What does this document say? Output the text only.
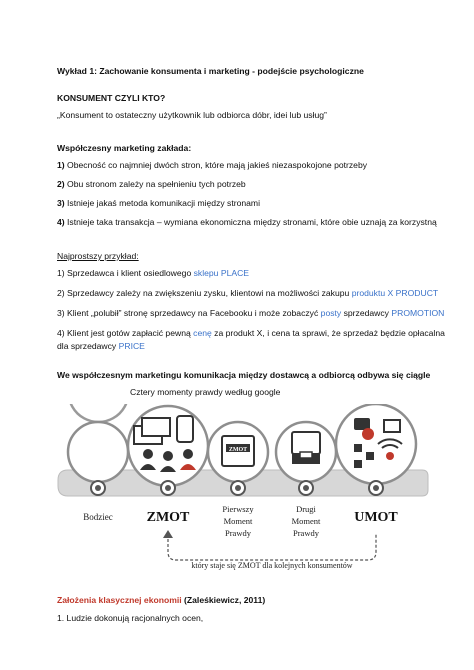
Wykład 1: Zachowanie konsumenta i marketing - podejście psychologiczne
KONSUMENT CZYLI KTO?
„Konsument to ostateczny użytkownik lub odbiorca dóbr, idei lub usług”
Współczesny marketing zakłada:
1) Obecność co najmniej dwóch stron, które mają jakieś niezaspokojone potrzeby
2) Obu stronom zależy na spełnieniu tych potrzeb
3) Istnieje jakaś metoda komunikacji między stronami
4) Istnieje taka transakcja – wymiana ekonomiczna między stronami, które obie uznają za korzystną
Najprostszy przykład:
1) Sprzedawca i klient osiedlowego sklepu PLACE
2) Sprzedawcy zależy na zwiększeniu zysku, klientowi na możliwości zakupu produktu X PRODUCT
3) Klient „polubił” stronę sprzedawcy na Facebooku i może zobaczyć posty sprzedawcy PROMOTION
4) Klient jest gotów zapłacić pewną cenę za produkt X, i cena ta sprawi, że sprzedaż będzie opłacalna
dla sprzedawcy PRICE
We współczesnym marketingu komunikacja między dostawcą a odbiorcą odbywa się ciągle
Cztery momenty prawdy według google
ZMOT
Bodziec ZMOT
Pierwszy
Moment
Prawdy
Drugi
Moment
Prawdy
UMOT
który staje się ZMOT dla kolejnych konsumentów
Założenia klasycznej ekonomii (Zaleśkiewicz, 2011)
1. Ludzie dokonują racjonalnych ocen,
